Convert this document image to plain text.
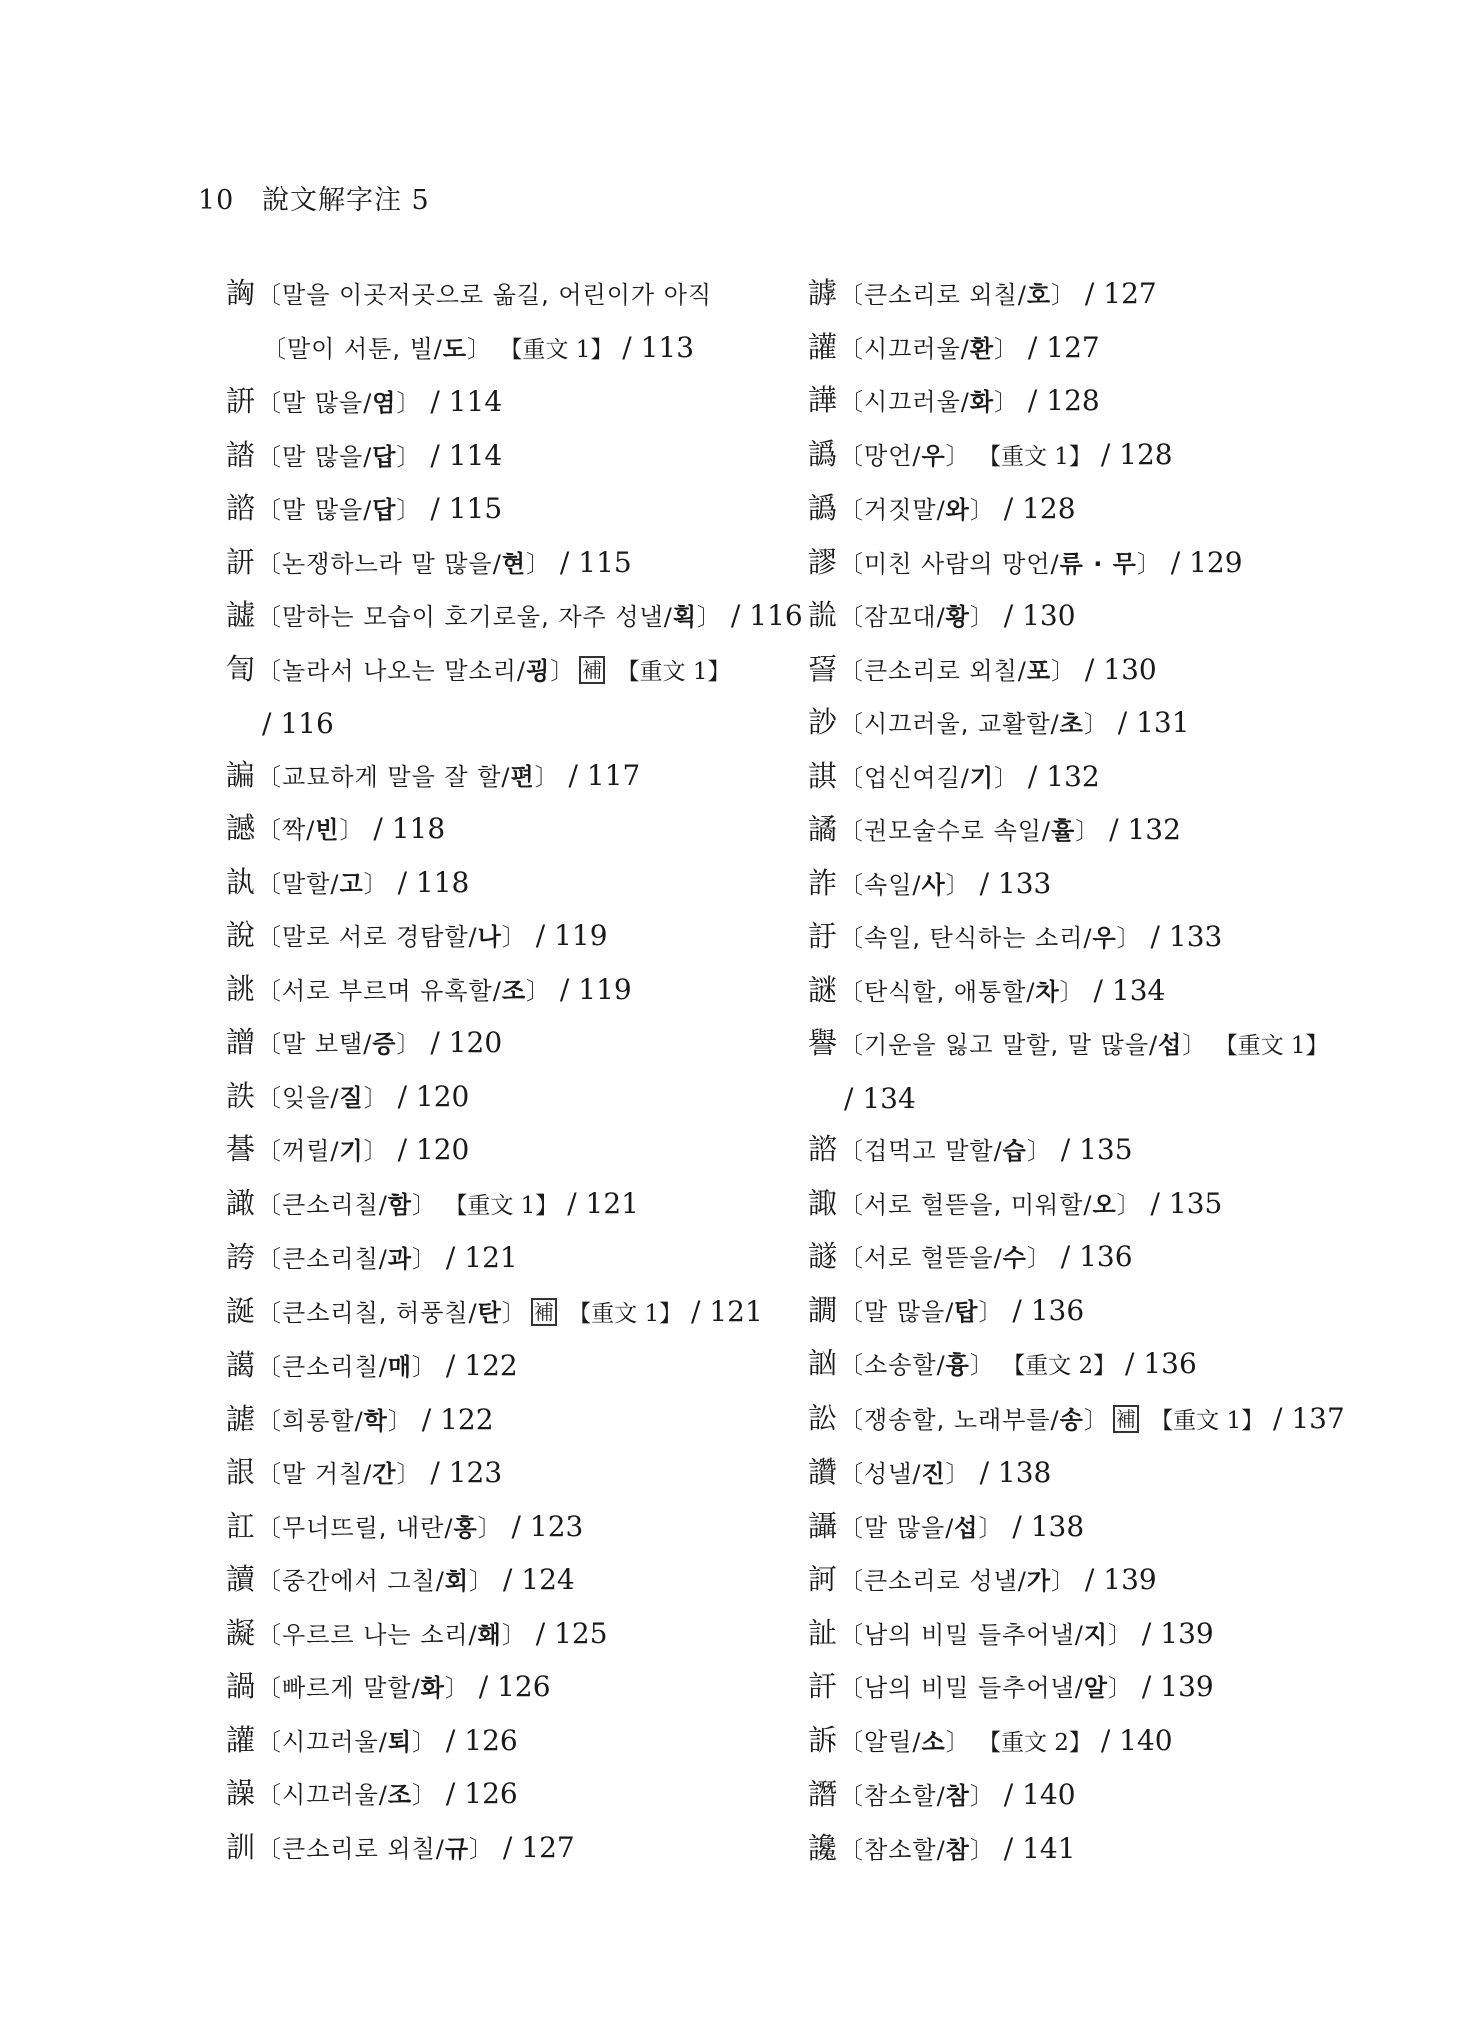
10 說文解字注 5
詾〔말을 이곳저곳으로 옮길, 어린이가 아직
〔말이 서툰, 빌/도〕 【重文 1】 / 113
詽〔말 많을/염〕 / 114
誻〔말 많을/답〕 / 114
諮〔말 많을/답〕 / 115
訮〔논쟁하느라 말 많을/현〕 / 115
譃〔말하는 모습이 호기로울, 자주 성낼/획〕 / 116
訇〔놀라서 나오는 말소리/굉〕 補 【重文 1】
/ 116
諞〔교묘하게 말을 잘 할/편〕 / 117
䜗〔짝/빈〕 / 118
訙〔말할/고〕 / 118
說〔말로 서로 경탐할/나〕 / 119
誂〔서로 부르며 유혹할/조〕 / 119
譄〔말 보탤/증〕 / 120
詄〔잊을/질〕 / 120
諅〔꺼릴/기〕 / 120
譀〔큰소리칠/함〕 【重文 1】 / 121
誇〔큰소리칠/과〕 / 121
誕〔큰소리칠, 허풍칠/탄〕 補 【重文 1】 / 121
譪〔큰소리칠/매〕 / 122
謔〔희롱할/학〕 / 122
詪〔말 거칠/간〕 / 123
訌〔무너뜨릴, 내란/홍〕 / 123
讀〔중간에서 그칠/회〕 / 124
譺〔우르르 나는 소리/홰〕 / 125
諣〔빠르게 말할/화〕 / 126
讙〔시끄러울/퇴〕 / 126
譟〔시끄러울/조〕 / 126
訓〔큰소리로 외칠/규〕 / 127
謼〔큰소리로 외칠/호〕 / 127
讙〔시끄러울/환〕 / 127
譁〔시끄러울/화〕 / 128
譌〔망언/우〕 【重文 1】 / 128
譌〔거짓말/와〕 / 128
謬〔미친 사람의 망언/류 · 무〕 / 129
詤〔잠꼬대/황〕 / 130
䛒〔큰소리로 외칠/포〕 / 130
訬〔시끄러울, 교활할/초〕 / 131
諆〔업신여길/기〕 / 132
譎〔권모술수로 속일/휼〕 / 132
詐〔속일/사〕 / 133
訏〔속일, 탄식하는 소리/우〕 / 133
謎〔탄식할, 애통할/차〕 / 134
譽〔기운을 잃고 말할, 말 많을/섭〕 【重文 1】
/ 134
諮〔겁먹고 말할/습〕 / 135
諏〔서로 헐뜯을, 미워할/오〕 / 135
譢〔서로 헐뜯을/수〕 / 136
譋〔말 많을/탑〕 / 136
訩〔소송할/흉〕 【重文 2】 / 136
訟〔쟁송할, 노래부를/송〕 補 【重文 1】 / 137
讚〔성낼/진〕 / 138
讘〔말 많을/섭〕 / 138
訶〔큰소리로 성낼/가〕 / 139
訨〔남의 비밀 들추어낼/지〕 / 139
訐〔남의 비밀 들추어낼/알〕 / 139
訴〔알릴/소〕 【重文 2】 / 140
譖〔참소할/참〕 / 140
讒〔참소할/참〕 / 141
